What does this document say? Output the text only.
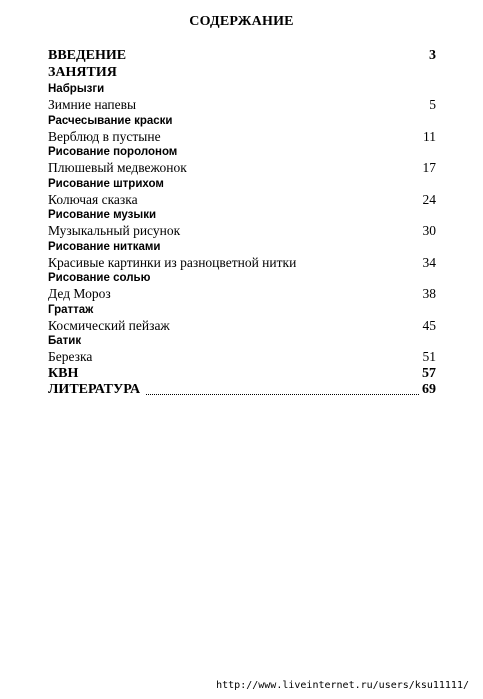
СОДЕРЖАНИЕ
ВВЕДЕНИЕ	3
ЗАНЯТИЯ
Набрызги
Зимние напевы	5
Расчесывание краски
Верблюд в пустыне	11
Рисование поролоном
Плюшевый медвежонок	17
Рисование штрихом
Колючая сказка	24
Рисование музыки
Музыкальный рисунок	30
Рисование нитками
Красивые картинки из разноцветной нитки	34
Рисование солью
Дед Мороз	38
Граттаж
Космический пейзаж	45
Батик
Березка	51
КВН	57
ЛИТЕРАТУРА	69
http://www.liveinternet.ru/users/ksu11111/
